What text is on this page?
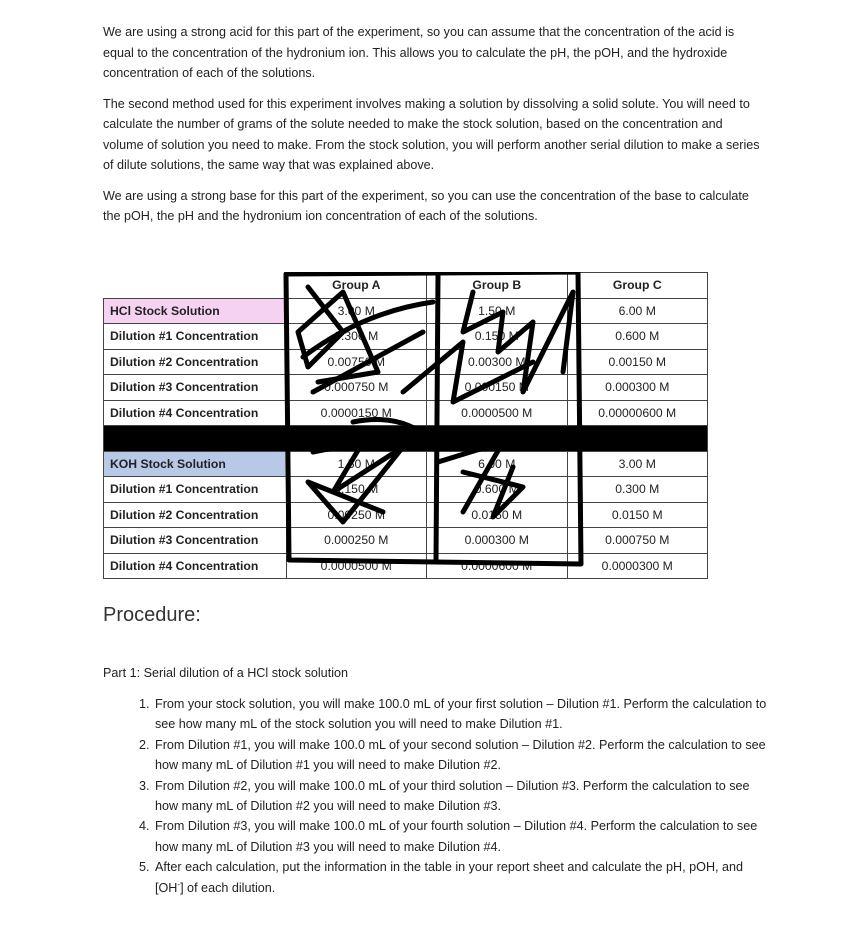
We are using a strong acid for this part of the experiment, so you can assume that the concentration of the acid is equal to the concentration of the hydronium ion. This allows you to calculate the pH, the pOH, and the hydroxide concentration of each of the solutions.

The second method used for this experiment involves making a solution by dissolving a solid solute. You will need to calculate the number of grams of the solute needed to make the stock solution, based on the concentration and volume of solution you need to make. From the stock solution, you will perform another serial dilution to make a series of dilute solutions, the same way that was explained above.

We are using a strong base for this part of the experiment, so you can use the concentration of the base to calculate the pOH, the pH and the hydronium ion concentration of each of the solutions.

	Group A	Group B	Group C
HCl Stock Solution	3.00 M	1.50 M	6.00 M
Dilution #1 Concentration	0.300 M	0.150 M	0.600 M
Dilution #2 Concentration	0.00750 M	0.00300 M	0.00150 M
Dilution #3 Concentration	0.000750 M	0.000150 M	0.000300 M
Dilution #4 Concentration	0.0000150 M	0.0000500 M	0.00000600 M

KOH Stock Solution	1.50 M	6.00 M	3.00 M
Dilution #1 Concentration	0.150 M	0.600 M	0.300 M
Dilution #2 Concentration	0.00250 M	0.0150 M	0.0150 M
Dilution #3 Concentration	0.000250 M	0.000300 M	0.000750 M
Dilution #4 Concentration	0.0000500 M	0.0000600 M	0.0000300 M
Procedure:
Part 1: Serial dilution of a HCl stock solution
1. From your stock solution, you will make 100.0 mL of your first solution – Dilution #1. Perform the calculation to see how many mL of the stock solution you will need to make Dilution #1.
2. From Dilution #1, you will make 100.0 mL of your second solution – Dilution #2. Perform the calculation to see how many mL of Dilution #1 you will need to make Dilution #2.
3. From Dilution #2, you will make 100.0 mL of your third solution – Dilution #3. Perform the calculation to see how many mL of Dilution #2 you will need to make Dilution #3.
4. From Dilution #3, you will make 100.0 mL of your fourth solution – Dilution #4. Perform the calculation to see how many mL of Dilution #3 you will need to make Dilution #4.
5. After each calculation, put the information in the table in your report sheet and calculate the pH, pOH, and [OH-] of each dilution.
